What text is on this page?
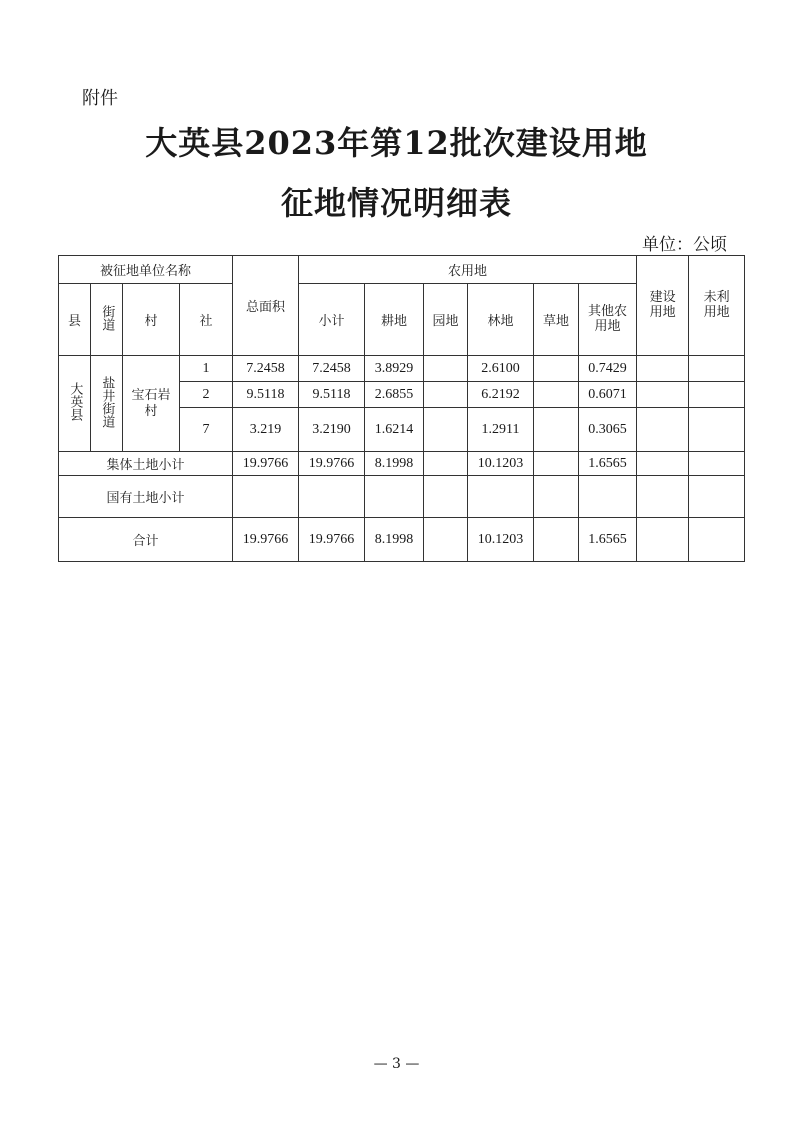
附件
大英县2023年第12批次建设用地
征地情况明细表
单位：公顷
被征地单位名称				总面积	农用地						建设用地	未利用地
县	街道	村	社		小计	耕地	园地	林地	草地	其他农用地		
大英县	盐井街道	宝石岩村	1	7.2458	7.2458	3.8929		2.6100		0.7429		
			2	9.5118	9.5118	2.6855		6.2192		0.6071		
			7	3.219	3.2190	1.6214		1.2911		0.3065		
集体土地小计				19.9766	19.9766	8.1998		10.1203		1.6565		
国有土地小计												
合计				19.9766	19.9766	8.1998		10.1203		1.6565		
— 3 —
